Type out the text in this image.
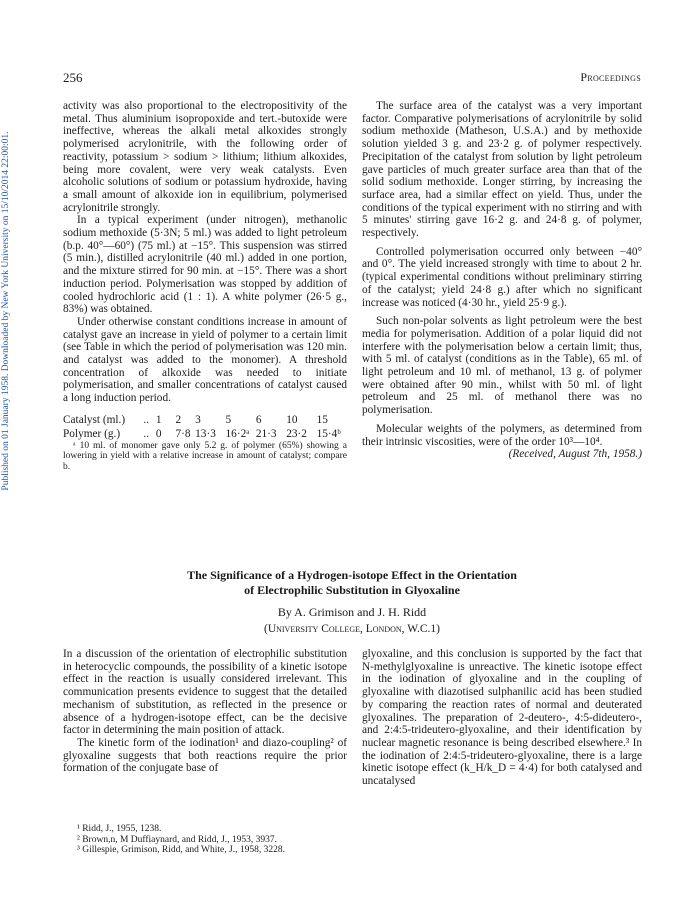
Published on 01 January 1958. Downloaded by New York University on 15/10/2014 22:00:01.
256	Proceedings

activity was also proportional to the electropositivity of the metal. Thus aluminium isopropoxide and tert.-butoxide were ineffective, whereas the alkali metal alkoxides strongly polymerised acrylonitrile, with the following order of reactivity, potassium > sodium > lithium; lithium alkoxides, being more covalent, were very weak catalysts. Even alcoholic solutions of sodium or potassium hydroxide, having a small amount of alkoxide ion in equilibrium, polymerised acrylonitrile strongly.

In a typical experiment (under nitrogen), methanolic sodium methoxide (5·3N; 5 ml.) was added to light petroleum (b.p. 40°—60°) (75 ml.) at −15°. This suspension was stirred (5 min.), distilled acrylonitrile (40 ml.) added in one portion, and the mixture stirred for 90 min. at −15°. There was a short induction period. Polymerisation was stopped by addition of cooled hydrochloric acid (1 : 1). A white polymer (26·5 g., 83%) was obtained.

Under otherwise constant conditions increase in amount of catalyst gave an increase in yield of polymer to a certain limit (see Table in which the period of polymerisation was 120 min. and catalyst was added to the monomer). A threshold concentration of alkoxide was needed to initiate polymerisation, and smaller concentrations of catalyst caused a long induction period.

Catalyst (ml.)	.. 1	2	3	5	6	10	15
Polymer (g.)	.. 0	7·8 13·3 16·2ᵃ 21·3 23·2 15·4ᵇ

ᵃ 10 ml. of monomer gave only 5.2 g. of polymer (65%) showing a lowering in yield with a relative increase in amount of catalyst; compare b.

The surface area of the catalyst was a very important factor. Comparative polymerisations of acrylonitrile by solid sodium methoxide (Matheson, U.S.A.) and by methoxide solution yielded 3 g. and 23·2 g. of polymer respectively. Precipitation of the catalyst from solution by light petroleum gave particles of much greater surface area than that of the solid sodium methoxide. Longer stirring, by increasing the surface area, had a similar effect on yield. Thus, under the conditions of the typical experiment with no stirring and with 5 minutes' stirring gave 16·2 g. and 24·8 g. of polymer, respectively.

Controlled polymerisation occurred only between −40° and 0°. The yield increased strongly with time to about 2 hr. (typical experimental conditions without preliminary stirring of the catalyst; yield 24·8 g.) after which no significant increase was noticed (4·30 hr., yield 25·9 g.).

Such non-polar solvents as light petroleum were the best media for polymerisation. Addition of a polar liquid did not interfere with the polymerisation below a certain limit; thus, with 5 ml. of catalyst (conditions as in the Table), 65 ml. of light petroleum and 10 ml. of methanol, 13 g. of polymer were obtained after 90 min., whilst with 50 ml. of light petroleum and 25 ml. of methanol there was no polymerisation.

Molecular weights of the polymers, as determined from their intrinsic viscosities, were of the order 10³—10⁴.

(Received, August 7th, 1958.)

The Significance of a Hydrogen-isotope Effect in the Orientation
of Electrophilic Substitution in Glyoxaline
By A. Grimison and J. H. Ridd
(University College, London, W.C.1)

In a discussion of the orientation of electrophilic substitution in heterocyclic compounds, the possibility of a kinetic isotope effect in the reaction is usually considered irrelevant. This communication presents evidence to suggest that the detailed mechanism of substitution, as reflected in the presence or absence of a hydrogen-isotope effect, can be the decisive factor in determining the main position of attack.

The kinetic form of the iodination¹ and diazo-coupling² of glyoxaline suggests that both reactions require the prior formation of the conjugate base of

glyoxaline, and this conclusion is supported by the fact that N-methylglyoxaline is unreactive. The kinetic isotope effect in the iodination of glyoxaline and in the coupling of glyoxaline with diazotised sulphanilic acid has been studied by comparing the reaction rates of normal and deuterated glyoxalines. The preparation of 2-deutero-, 4:5-dideutero-, and 2:4:5-trideutero-glyoxaline, and their identification by nuclear magnetic resonance is being described elsewhere.³ In the iodination of 2:4:5-trideutero-glyoxaline, there is a large kinetic isotope effect (k_H/k_D = 4·4) for both catalysed and uncatalysed

¹ Ridd, J., 1955, 1238.
² Brown,n, M Duffiaynard, and Ridd, J., 1953, 3937.
³ Gillespie, Grimison, Ridd, and White, J., 1958, 3228.
